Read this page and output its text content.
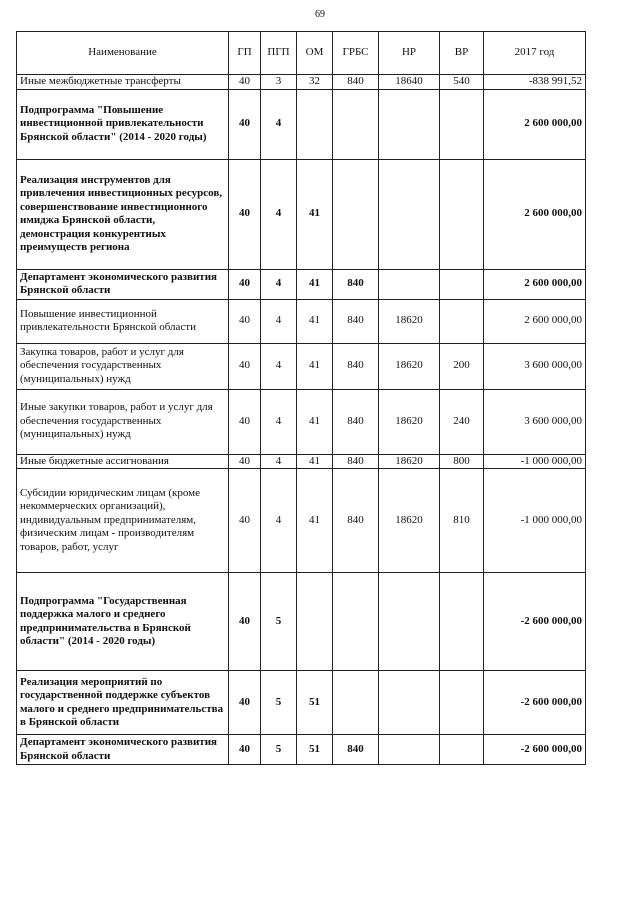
69
Наименование	ГП	ПГП	ОМ	ГРБС	НР	ВР	2017 год
Иные межбюджетные трансферты	40	3	32	840	18640	540	-838 991,52
Подпрограмма "Повышение инвестиционной привлекательности Брянской области" (2014 - 2020 годы)	40	4					2 600 000,00
Реализация инструментов для привлечения инвестиционных ресурсов, совершенствование инвестиционного имиджа Брянской области, демонстрация конкурентных преимуществ региона	40	4	41				2 600 000,00
Департамент экономического развития Брянской области	40	4	41	840			2 600 000,00
Повышение инвестиционной привлекательности Брянской области	40	4	41	840	18620		2 600 000,00
Закупка товаров, работ и услуг для обеспечения государственных (муниципальных) нужд	40	4	41	840	18620	200	3 600 000,00
Иные закупки товаров, работ и услуг для обеспечения государственных (муниципальных) нужд	40	4	41	840	18620	240	3 600 000,00
Иные бюджетные ассигнования	40	4	41	840	18620	800	-1 000 000,00
Субсидии юридическим лицам (кроме некоммерческих организаций), индивидуальным предпринимателям, физическим лицам - производителям товаров, работ, услуг	40	4	41	840	18620	810	-1 000 000,00
Подпрограмма "Государственная поддержка малого и среднего предпринимательства в Брянской области" (2014 - 2020 годы)	40	5					-2 600 000,00
Реализация мероприятий по государственной поддержке субъектов малого и среднего предпринимательства в Брянской области	40	5	51				-2 600 000,00
Департамент экономического развития Брянской области	40	5	51	840			-2 600 000,00
